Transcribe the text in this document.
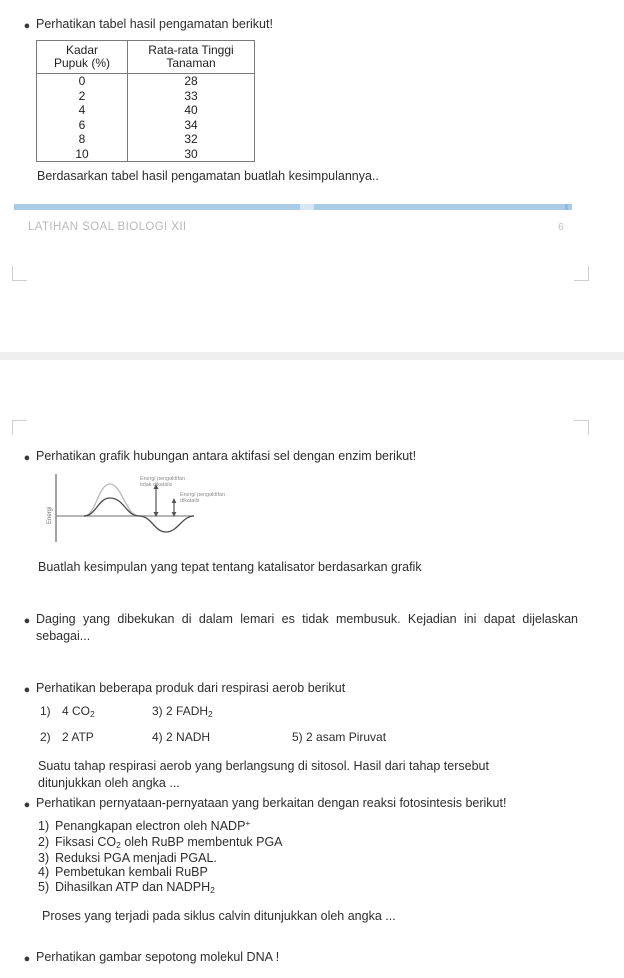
● Perhatikan tabel hasil pengamatan berikut!
Kadar
Pupuk (%)

Rata-rata Tinggi
Tanaman

0	28
2	33
4	40
6	34
8	32
10	30
Berdasarkan tabel hasil pengamatan buatlah kesimpulannya..
LATIHAN SOAL BIOLOGI XII	6
● Perhatikan grafik hubungan antara aktifasi sel dengan enzim berikut!
Energi
Energi pengaktifan
tidak dikatalis
Energi pengaktifan
dikatalis
Buatlah kesimpulan yang tepat tentang katalisator berdasarkan grafik
● Daging yang dibekukan di dalam lemari es tidak membusuk. Kejadian ini dapat dijelaskan sebagai...
● Perhatikan beberapa produk dari respirasi aerob berikut
1) 4 $CO_2$	3) 2 $FADH_2$
2) 2 ATP	4) 2 NADH	5) 2 asam Piruvat
Suatu tahap respirasi aerob yang berlangsung di sitosol. Hasil dari tahap tersebut ditunjukkan oleh angka ...
● Perhatikan pernyataan-pernyataan yang berkaitan dengan reaksi fotosintesis berikut!
1) Penangkapan electron oleh NADP+
2) Fiksasi $CO_2$ oleh RuBP membentuk PGA
3) Reduksi PGA menjadi PGAL.
4) Pembetukan kembali RuBP
5) Dihasilkan ATP dan $NADPH_2$
Proses yang terjadi pada siklus calvin ditunjukkan oleh angka ...
● Perhatikan gambar sepotong molekul DNA !
